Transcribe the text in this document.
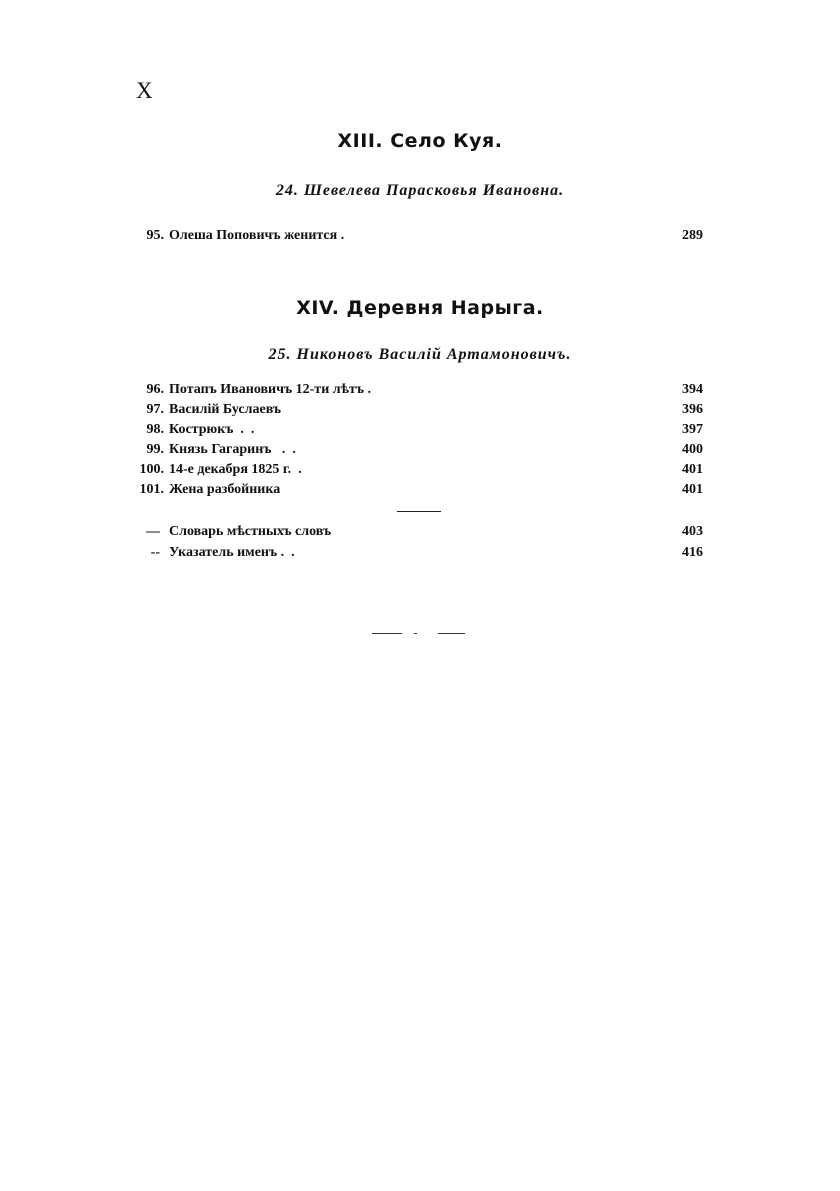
X
XIII. Село Куя.
24. Шевелева Парасковья Ивановна.
95. Олеша Поповичъ женится .	289
XIV. Деревня Нарыга.
25. Никоновъ Василій Артамоновичъ.
96. Потапъ Ивановичъ 12-ти лѣтъ .	394
97. Василій Буслаевъ	396
98. Кострюкъ  .  .	397
99. Князь Гагаринъ   .  .	400
100. 14-е декабря 1825 г.  .	401
101. Жена разбойника	401
— Словарь мѣстныхъ словъ	403
-- Указатель именъ .  .	416
